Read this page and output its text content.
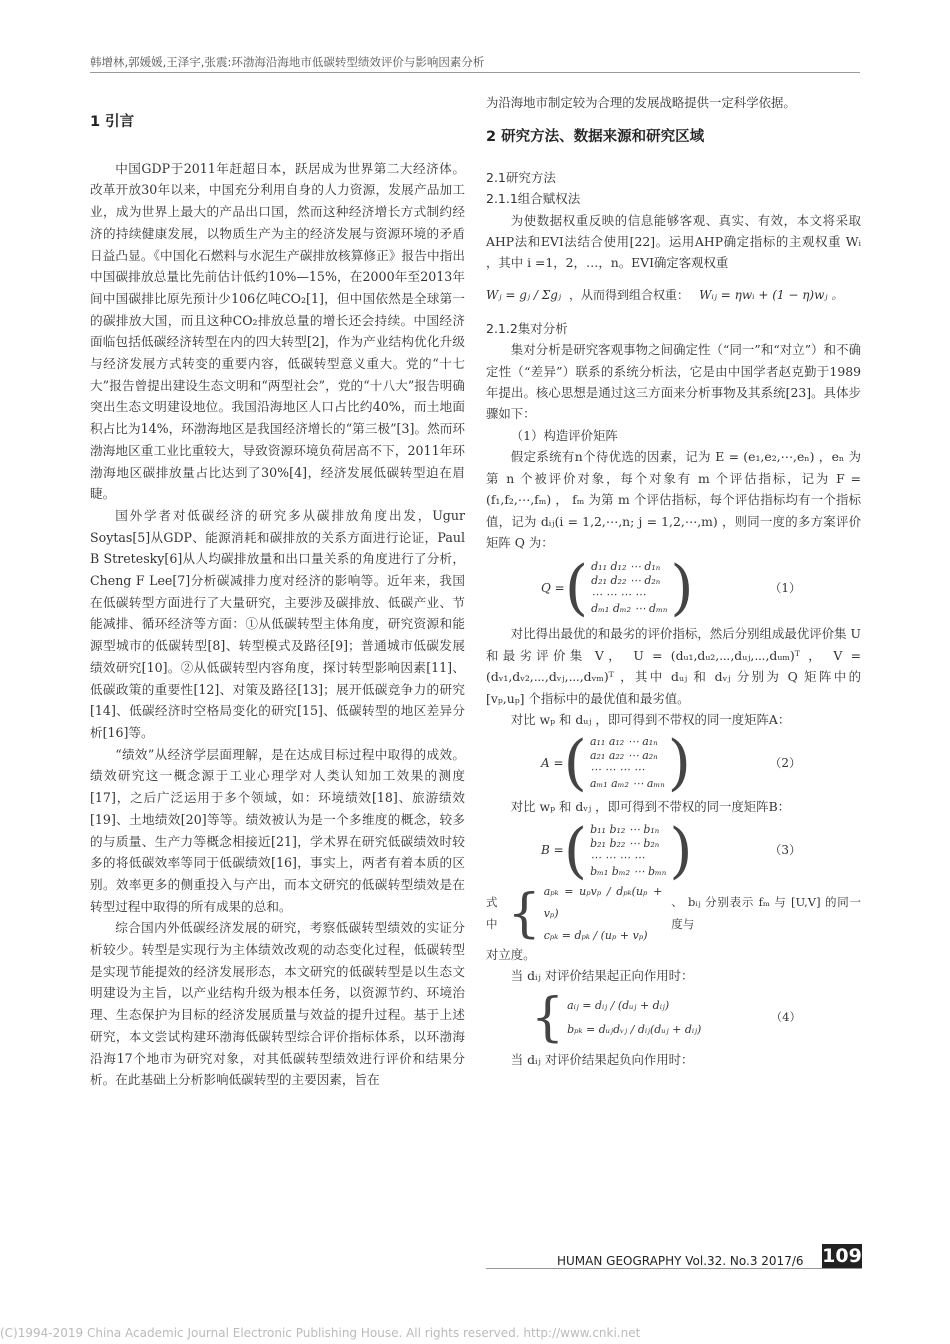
韩增林,郭媛媛,王泽宇,张震:环渤海沿海地市低碳转型绩效评价与影响因素分析
1 引言

中国GDP于2011年赶超日本，跃居成为世界第二大经济体。改革开放30年以来，中国充分利用自身的人力资源，发展产品加工业，成为世界上最大的产品出口国，然而这种经济增长方式制约经济的持续健康发展，以物质生产为主的经济发展与资源环境的矛盾日益凸显。《中国化石燃料与水泥生产碳排放核算修正》报告中指出中国碳排放总量比先前估计低约10%—15%，在2000年至2013年间中国碳排比原先预计少106亿吨CO₂[1]，但中国依然是全球第一的碳排放大国，而且这种CO₂排放总量的增长还会持续。中国经济面临包括低碳经济转型在内的四大转型[2]，作为产业结构优化升级与经济发展方式转变的重要内容，低碳转型意义重大。党的“十七大”报告曾提出建设生态文明和“两型社会”，党的“十八大”报告明确突出生态文明建设地位。我国沿海地区人口占比约40%，而土地面积占比为14%，环渤海地区是我国经济增长的“第三极”[3]。然而环渤海地区重工业比重较大，导致资源环境负荷居高不下，2011年环渤海地区碳排放量占比达到了30%[4]，经济发展低碳转型迫在眉睫。

国外学者对低碳经济的研究多从碳排放角度出发，Ugur Soytas[5]从GDP、能源消耗和碳排放的关系方面进行论证，Paul B Stretesky[6]从人均碳排放量和出口量关系的角度进行了分析，Cheng F Lee[7]分析碳减排力度对经济的影响等。近年来，我国在低碳转型方面进行了大量研究，主要涉及碳排放、低碳产业、节能减排、循环经济等方面：①从低碳转型主体角度，研究资源和能源型城市的低碳转型[8]、转型模式及路径[9]；普通城市低碳发展绩效研究[10]。②从低碳转型内容角度，探讨转型影响因素[11]、低碳政策的重要性[12]、对策及路径[13]；展开低碳竞争力的研究[14]、低碳经济时空格局变化的研究[15]、低碳转型的地区差异分析[16]等。

“绩效”从经济学层面理解，是在达成目标过程中取得的成效。绩效研究这一概念源于工业心理学对人类认知加工效果的测度[17]，之后广泛运用于多个领域，如：环境绩效[18]、旅游绩效[19]、土地绩效[20]等等。绩效被认为是一个多维度的概念，较多的与质量、生产力等概念相接近[21]，学术界在研究低碳绩效时较多的将低碳效率等同于低碳绩效[16]，事实上，两者有着本质的区别。效率更多的侧重投入与产出，而本文研究的低碳转型绩效是在转型过程中取得的所有成果的总和。

综合国内外低碳经济发展的研究，考察低碳转型绩效的实证分析较少。转型是实现行为主体绩效改观的动态变化过程，低碳转型是实现节能提效的经济发展形态，本文研究的低碳转型是以生态文明建设为主旨，以产业结构升级为根本任务，以资源节约、环境治理、生态保护为目标的经济发展质量与效益的提升过程。基于上述研究，本文尝试构建环渤海低碳转型综合评价指标体系，以环渤海沿海17个地市为研究对象，对其低碳转型绩效进行评价和结果分析。在此基础上分析影响低碳转型的主要因素，旨在

为沿海地市制定较为合理的发展战略提供一定科学依据。

2 研究方法、数据来源和研究区域
2.1研究方法
2.1.1组合赋权法

为使数据权重反映的信息能够客观、真实、有效，本文将采取AHP法和EVI法结合使用[22]。运用AHP确定指标的主观权重 Wᵢ ，其中 i =1，2，…，n。EVI确定客观权重

Wⱼ = gⱼ / Σgⱼ ，从而得到组合权重： Wᵢⱼ = ηwᵢ + (1 − η)wⱼ 。
2.1.2集对分析

集对分析是研究客观事物之间确定性（“同一”和“对立”）和不确定性（“差异”）联系的系统分析法，它是由中国学者赵克勤于1989年提出。核心思想是通过这三方面来分析事物及其系统[23]。具体步骤如下：

（1）构造评价矩阵

假定系统有n个待优选的因素，记为 E = (e₁,e₂,⋯,eₙ) ，eₙ 为第 n 个被评价对象，每个对象有 m 个评估指标，记为 F = (f₁,f₂,⋯,fₘ) ， fₘ 为第 m 个评估指标，每个评估指标均有一个指标值，记为 dᵢⱼ(i = 1,2,⋯,n; j = 1,2,⋯,m) ，则同一度的多方案评价矩阵 Q 为：

Q = ( d₁₁ d₁₂ ⋯ d₁ₙ
d₂₁ d₂₂ ⋯ d₂ₙ
⋯ ⋯ ⋯ ⋯
dₘ₁ dₘ₂ ⋯ dₘₙ )	（1）

对比得出最优的和最劣的评价指标，然后分别组成最优评价集 U 和最劣评价集 V， U = (dᵤ₁,dᵤ₂,⋯,dᵤⱼ,⋯,dᵤₘ)ᵀ ， V = (dᵥ₁,dᵥ₂,⋯,dᵥⱼ,⋯,dᵥₘ)ᵀ ，其中 dᵤⱼ 和 dᵥⱼ 分别为 Q 矩阵中的 [vₚ,uₚ] 个指标中的最优值和最劣值。

对比 wₚ 和 dᵤⱼ ，即可得到不带权的同一度矩阵A：

A = ( a₁₁ a₁₂ ⋯ a₁ₙ
a₂₁ a₂₂ ⋯ a₂ₙ
⋯ ⋯ ⋯ ⋯
aₘ₁ aₘ₂ ⋯ aₘₙ )	（2）

对比 wₚ 和 dᵥⱼ ，即可得到不带权的同一度矩阵B：

B = ( b₁₁ b₁₂ ⋯ b₁ₙ
b₂₁ b₂₂ ⋯ b₂ₙ
⋯ ⋯ ⋯ ⋯
bₘ₁ bₘ₂ ⋯ bₘₙ )	（3）
式中 { aₚₖ = uₚvₚ / dₚₖ(uₚ + vₚ)
cₚₖ = dₚₖ / (uₚ + vₚ)
、 bᵢⱼ 分别表示 fₘ 与 [U,V] 的同一度与

对立度。

当 dᵢⱼ 对评价结果起正向作用时：

{ aᵢⱼ = dᵢⱼ / (dᵤⱼ + dᵢⱼ)
bₚₖ = dᵤⱼdᵥⱼ / dᵢⱼ(dᵤⱼ + dᵢⱼ)
（4）

当 dᵢⱼ 对评价结果起负向作用时：

HUMAN GEOGRAPHY Vol.32. No.3 2017/6 109
(C)1994-2019 China Academic Journal Electronic Publishing House. All rights reserved. http://www.cnki.net
